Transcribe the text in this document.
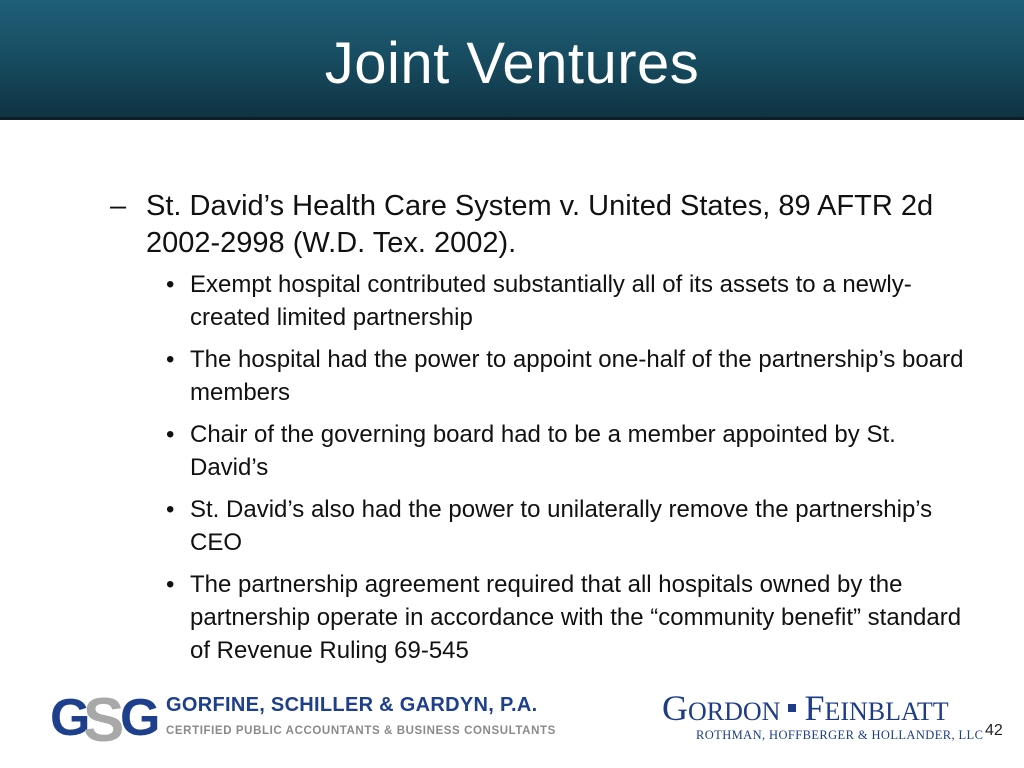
Joint Ventures
– St. David’s Health Care System v. United States, 89 AFTR 2d 2002-2998 (W.D. Tex. 2002).
• Exempt hospital contributed substantially all of its assets to a newly-created limited partnership
• The hospital had the power to appoint one-half of the partnership’s board members
• Chair of the governing board had to be a member appointed by St. David’s
• St. David’s also had the power to unilaterally remove the partnership’s CEO
• The partnership agreement required that all hospitals owned by the partnership operate in accordance with the “community benefit” standard of Revenue Ruling 69-545
G
S
G GORFINE, SCHILLER & GARDYN, P.A.
CERTIFIED PUBLIC ACCOUNTANTS & BUSINESS CONSULTANTS
GORDON FEINBLATT
ROTHMAN, HOFFBERGER & HOLLANDER, LLC 42
